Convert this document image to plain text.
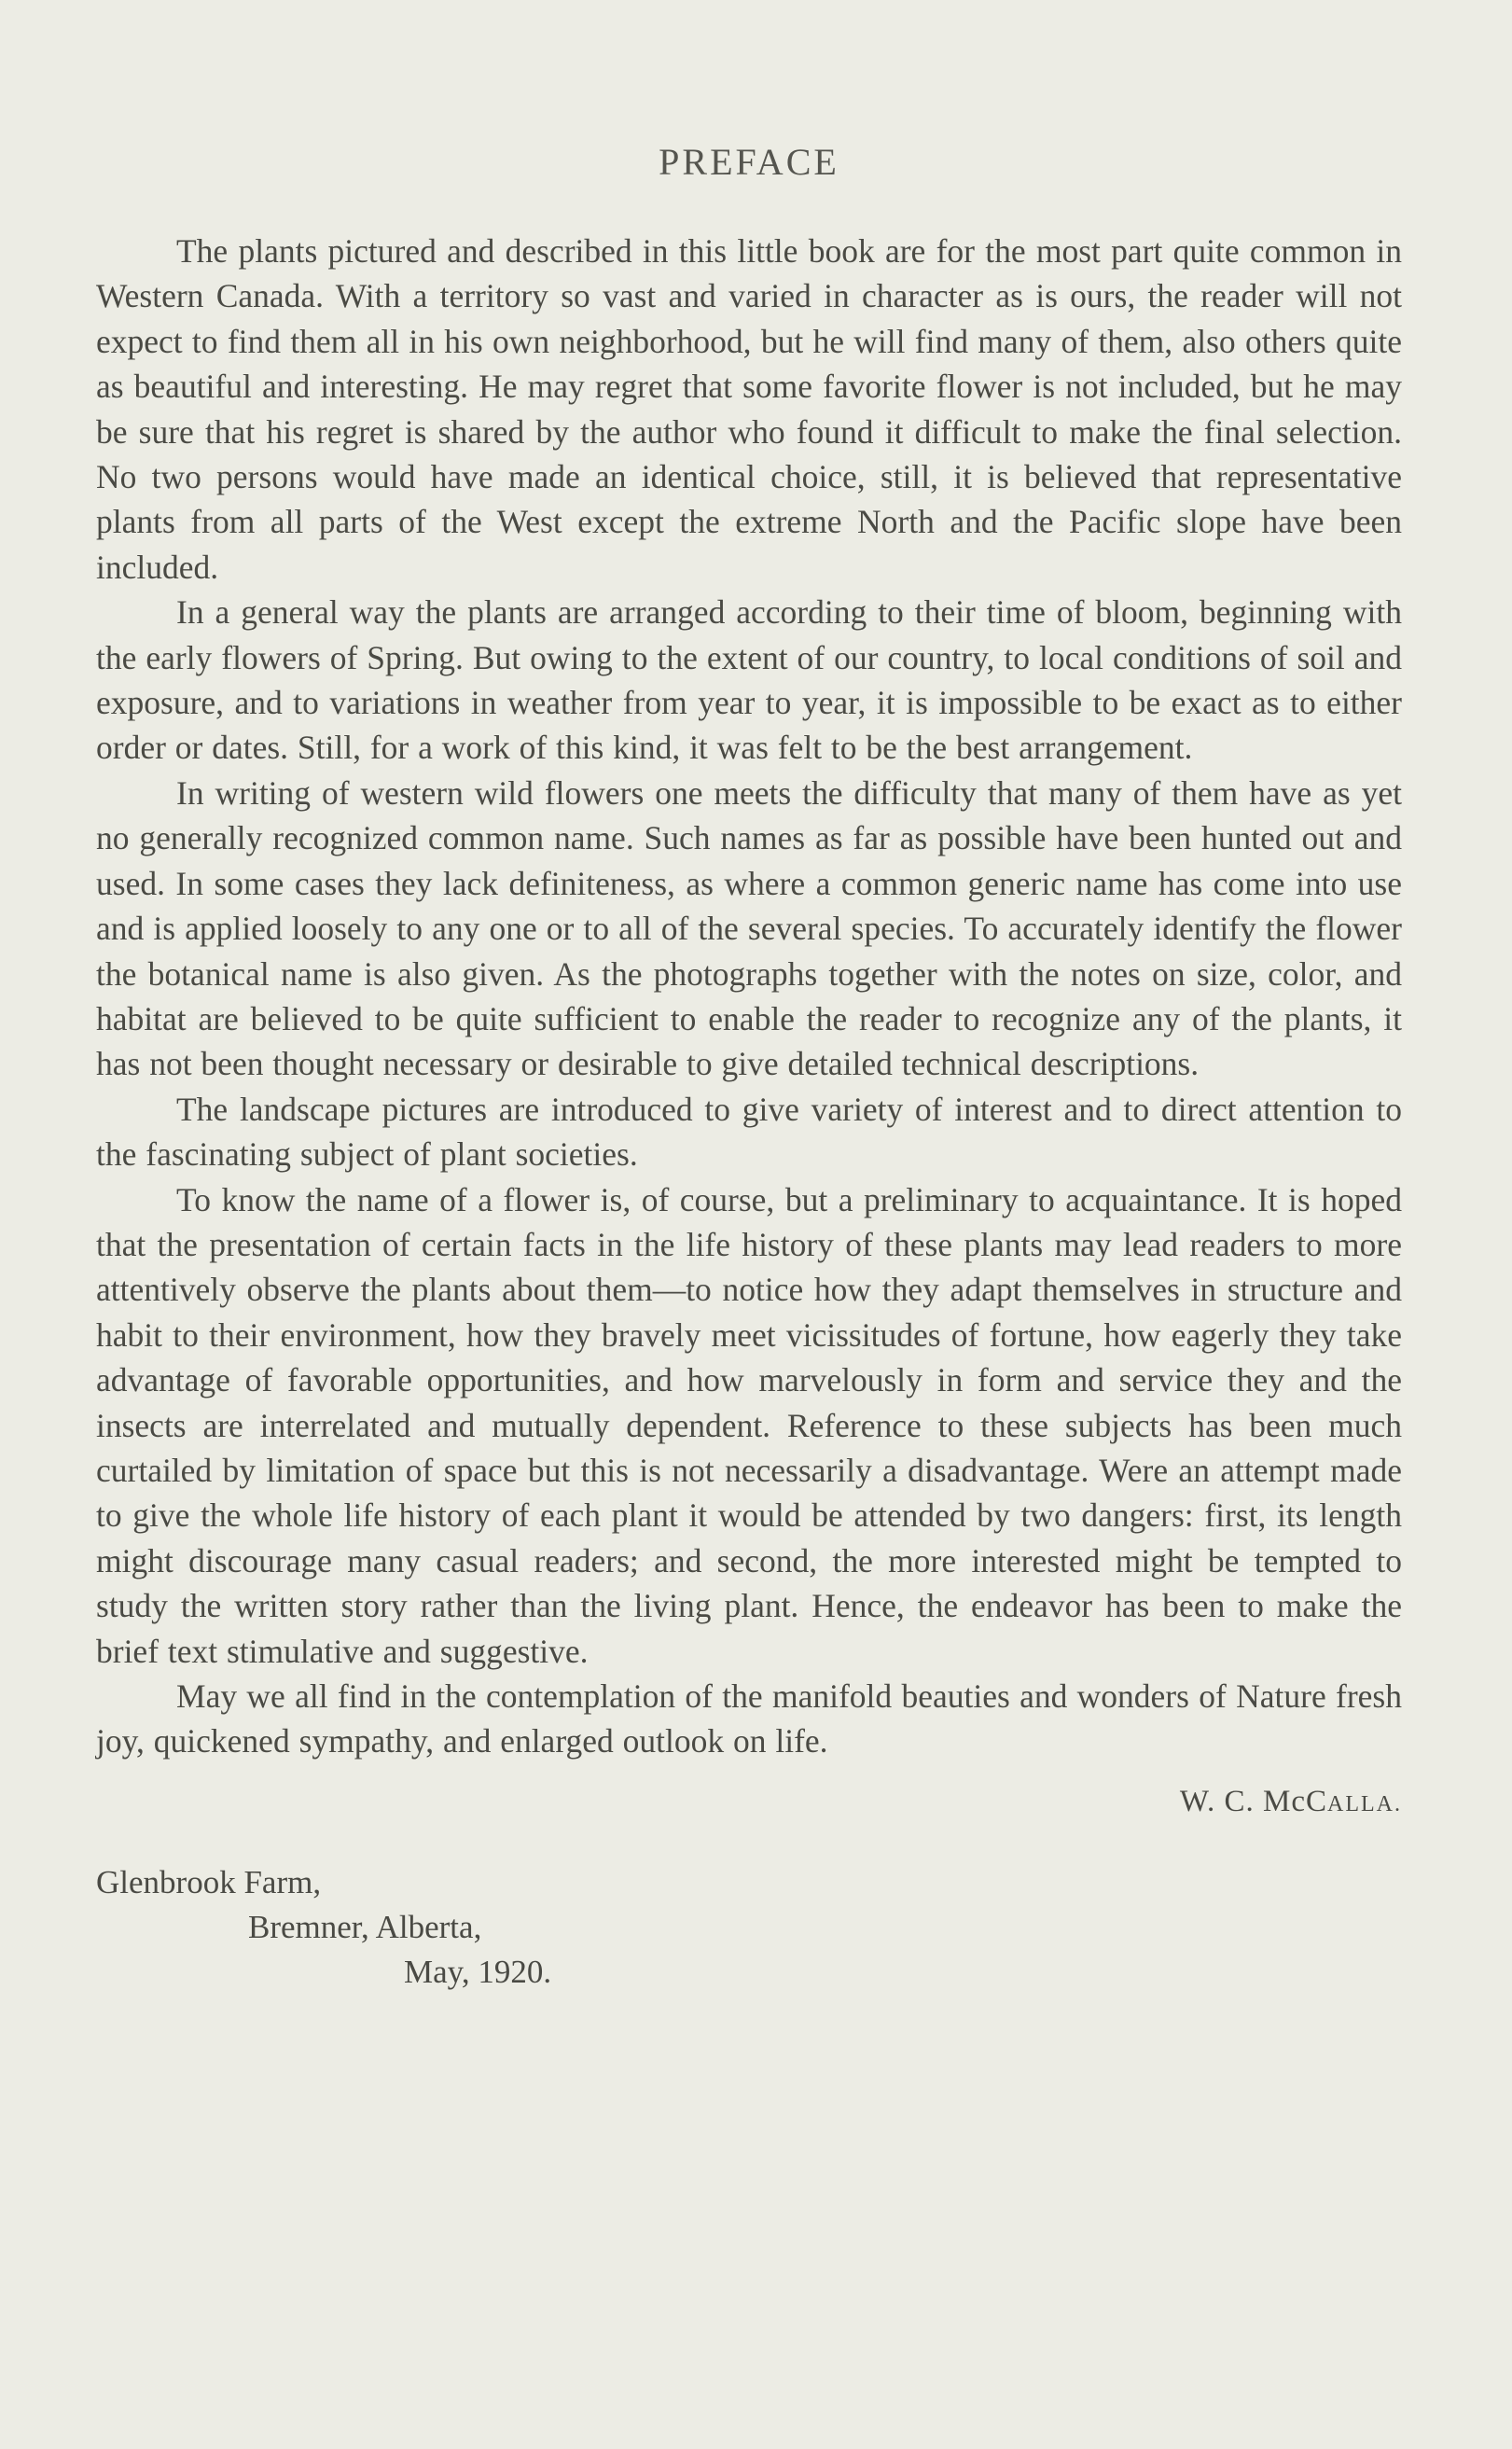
PREFACE

The plants pictured and described in this little book are for the most part quite common in Western Canada. With a territory so vast and varied in character as is ours, the reader will not expect to find them all in his own neighborhood, but he will find many of them, also others quite as beautiful and interesting. He may regret that some favorite flower is not included, but he may be sure that his regret is shared by the author who found it difficult to make the final selection. No two persons would have made an identical choice, still, it is believed that representative plants from all parts of the West except the extreme North and the Pacific slope have been included.

In a general way the plants are arranged according to their time of bloom, beginning with the early flowers of Spring. But owing to the extent of our country, to local conditions of soil and exposure, and to variations in weather from year to year, it is impossible to be exact as to either order or dates. Still, for a work of this kind, it was felt to be the best arrangement.

In writing of western wild flowers one meets the difficulty that many of them have as yet no generally recognized common name. Such names as far as possible have been hunted out and used. In some cases they lack definiteness, as where a common generic name has come into use and is applied loosely to any one or to all of the several species. To accurately identify the flower the botanical name is also given. As the photographs together with the notes on size, color, and habitat are believed to be quite sufficient to enable the reader to recognize any of the plants, it has not been thought necessary or desirable to give detailed technical descriptions.

The landscape pictures are introduced to give variety of interest and to direct attention to the fascinating subject of plant societies.

To know the name of a flower is, of course, but a preliminary to acquaintance. It is hoped that the presentation of certain facts in the life history of these plants may lead readers to more attentively observe the plants about them—to notice how they adapt themselves in structure and habit to their environment, how they bravely meet vicissitudes of fortune, how eagerly they take advantage of favorable opportunities, and how marvelously in form and service they and the insects are interrelated and mutually dependent. Reference to these subjects has been much curtailed by limitation of space but this is not necessarily a disadvantage. Were an attempt made to give the whole life history of each plant it would be attended by two dangers: first, its length might discourage many casual readers; and second, the more interested might be tempted to study the written story rather than the living plant. Hence, the endeavor has been to make the brief text stimulative and suggestive.

May we all find in the contemplation of the manifold beauties and wonders of Nature fresh joy, quickened sympathy, and enlarged outlook on life.

W. C. McCALLA.
Glenbrook Farm,
Bremner, Alberta,
May, 1920.
